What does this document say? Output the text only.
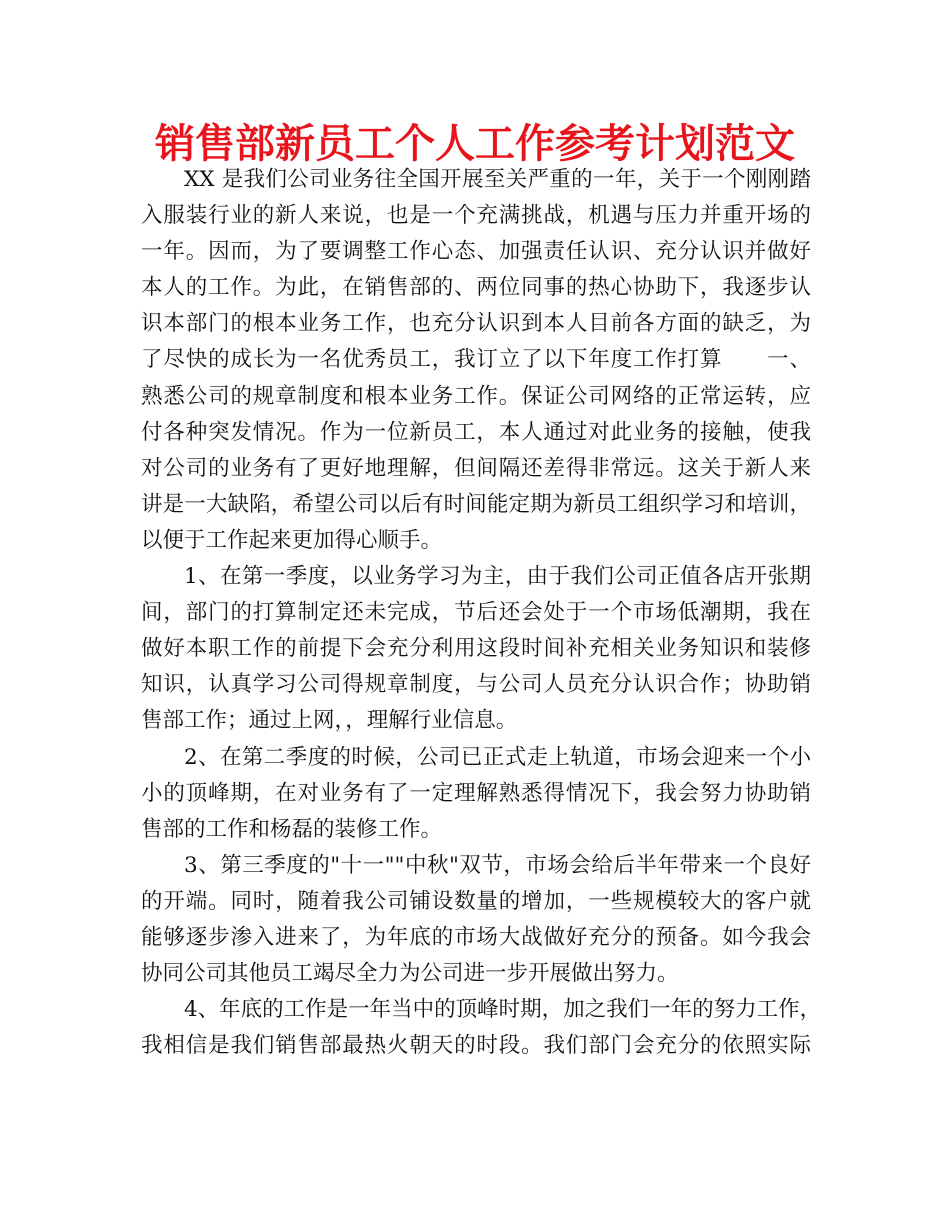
销售部新员工个人工作参考计划范文
XX 是我们公司业务往全国开展至关严重的一年，关于一个刚刚踏
入服装行业的新人来说，也是一个充满挑战，机遇与压力并重开场的
一年。因而，为了要调整工作心态、加强责任认识、充分认识并做好
本人的工作。为此，在销售部的、两位同事的热心协助下，我逐步认
识本部门的根本业务工作，也充分认识到本人目前各方面的缺乏，为
了尽快的成长为一名优秀员工，我订立了以下年度工作打算　　一、
熟悉公司的规章制度和根本业务工作。保证公司网络的正常运转，应
付各种突发情况。作为一位新员工，本人通过对此业务的接触，使我
对公司的业务有了更好地理解，但间隔还差得非常远。这关于新人来
讲是一大缺陷，希望公司以后有时间能定期为新员工组织学习和培训，
以便于工作起来更加得心顺手。
1、在第一季度，以业务学习为主，由于我们公司正值各店开张期
间，部门的打算制定还未完成，节后还会处于一个市场低潮期，我在
做好本职工作的前提下会充分利用这段时间补充相关业务知识和装修
知识，认真学习公司得规章制度，与公司人员充分认识合作；协助销
售部工作；通过上网，，理解行业信息。
2、在第二季度的时候，公司已正式走上轨道，市场会迎来一个小
小的顶峰期，在对业务有了一定理解熟悉得情况下，我会努力协助销
售部的工作和杨磊的装修工作。
3、第三季度的"十一""中秋"双节，市场会给后半年带来一个良好
的开端。同时，随着我公司铺设数量的增加，一些规模较大的客户就
能够逐步渗入进来了，为年底的市场大战做好充分的预备。如今我会
协同公司其他员工竭尽全力为公司进一步开展做出努力。
4、年底的工作是一年当中的顶峰时期，加之我们一年的努力工作，
我相信是我们销售部最热火朝天的时段。我们部门会充分的依照实际
